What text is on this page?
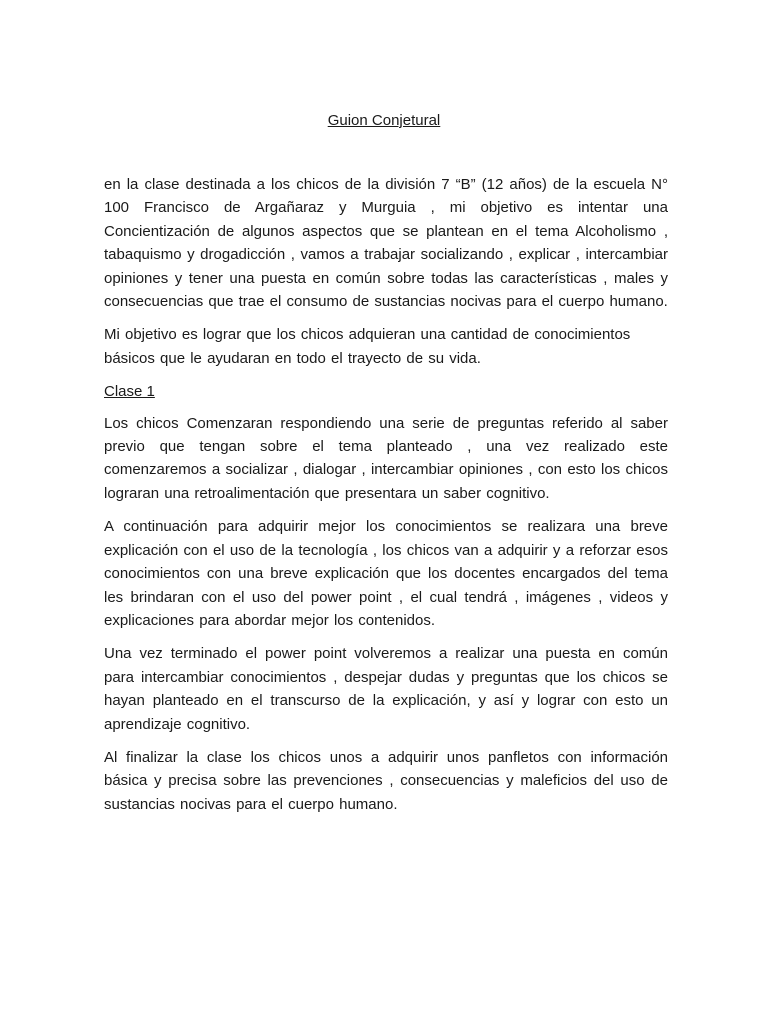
Guion Conjetural

en la clase destinada a los chicos de la división 7 “B” (12 años) de la escuela N° 100 Francisco de Argañaraz y Murguia , mi objetivo es intentar una Concientización de algunos aspectos que se plantean en el tema Alcoholismo , tabaquismo y drogadicción , vamos a trabajar socializando , explicar , intercambiar opiniones y tener una puesta en común sobre todas las características , males y consecuencias que trae el consumo de sustancias nocivas para el cuerpo humano.

Mi objetivo es lograr que los chicos adquieran una cantidad de conocimientos básicos que le ayudaran en todo el trayecto de su vida.

Clase 1

Los chicos Comenzaran respondiendo una serie de preguntas referido al saber previo que tengan sobre el tema planteado , una vez realizado este comenzaremos a socializar , dialogar , intercambiar opiniones , con esto los chicos lograran una retroalimentación que presentara un saber cognitivo.

A continuación para adquirir mejor los conocimientos se realizara una breve explicación con el uso de la tecnología , los chicos van a adquirir y a reforzar esos conocimientos con una breve explicación que los docentes encargados del tema les brindaran con el uso del power point , el cual tendrá , imágenes , videos y explicaciones para abordar mejor los contenidos.

Una vez terminado el power point volveremos a realizar una puesta en común para intercambiar conocimientos , despejar dudas y preguntas que los chicos se hayan planteado en el transcurso de la explicación, y así y lograr con esto un aprendizaje cognitivo.

Al finalizar la clase los chicos unos a adquirir unos panfletos con información básica y precisa sobre las prevenciones , consecuencias y maleficios del uso de sustancias nocivas para el cuerpo humano.
